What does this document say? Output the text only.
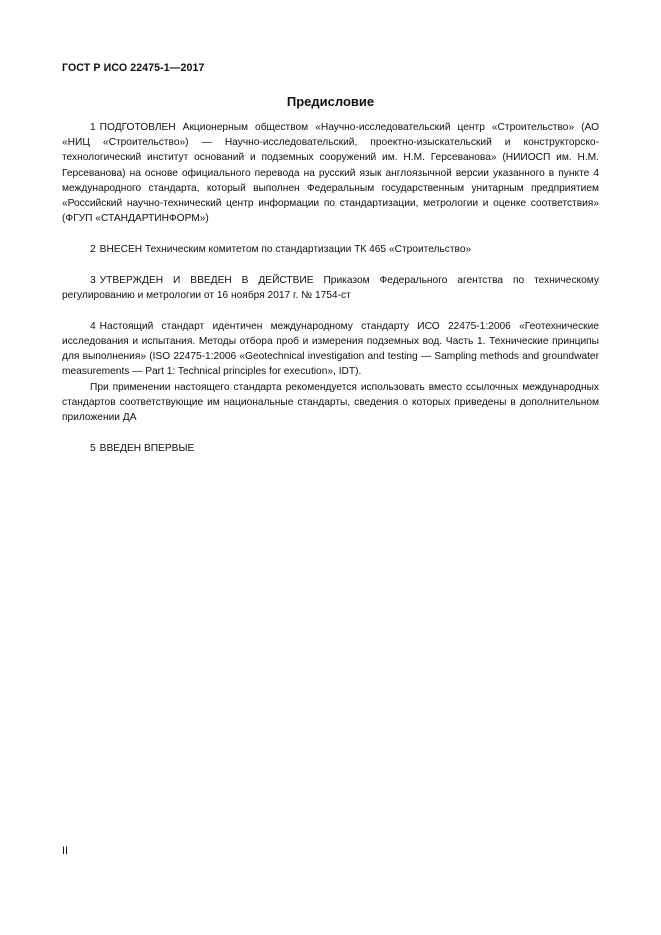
ГОСТ Р ИСО 22475-1—2017
Предисловие

1 ПОДГОТОВЛЕН Акционерным обществом «Научно-исследовательский центр «Строительство» (АО «НИЦ «Строительство») — Научно-исследовательский, проектно-изыскательский и конструкторско-технологический институт оснований и подземных сооружений им. Н.М. Герсеванова» (НИИОСП им. Н.М. Герсеванова) на основе официального перевода на русский язык англоязычной версии указанного в пункте 4 международного стандарта, который выполнен Федеральным государственным унитарным предприятием «Российский научно-технический центр информации по стандартизации, метрологии и оценке соответствия» (ФГУП «СТАНДАРТИНФОРМ»)

2 ВНЕСЕН Техническим комитетом по стандартизации ТК 465 «Строительство»

3 УТВЕРЖДЕН И ВВЕДЕН В ДЕЙСТВИЕ Приказом Федерального агентства по техническому регулированию и метрологии от 16 ноября 2017 г. № 1754-ст

4 Настоящий стандарт идентичен международному стандарту ИСО 22475-1:2006 «Геотехнические исследования и испытания. Методы отбора проб и измерения подземных вод. Часть 1. Технические принципы для выполнения» (ISO 22475-1:2006 «Geotechnical investigation and testing — Sampling methods and groundwater measurements — Part 1: Technical principles for execution», IDT).

При применении настоящего стандарта рекомендуется использовать вместо ссылочных международных стандартов соответствующие им национальные стандарты, сведения о которых приведены в дополнительном приложении ДА

5 ВВЕДЕН ВПЕРВЫЕ

II
